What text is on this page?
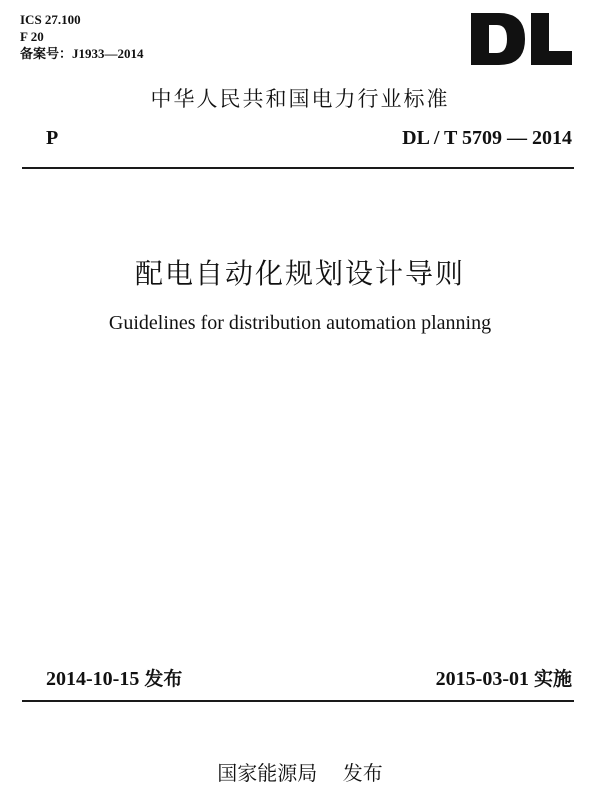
ICS 27.100
F 20
备案号：J1933—2014
中华人民共和国电力行业标准
P	DL / T 5709 — 2014
配电自动化规划设计导则
Guidelines for distribution automation planning
2014-10-15 发布	2015-03-01 实施
国家能源局 发布
